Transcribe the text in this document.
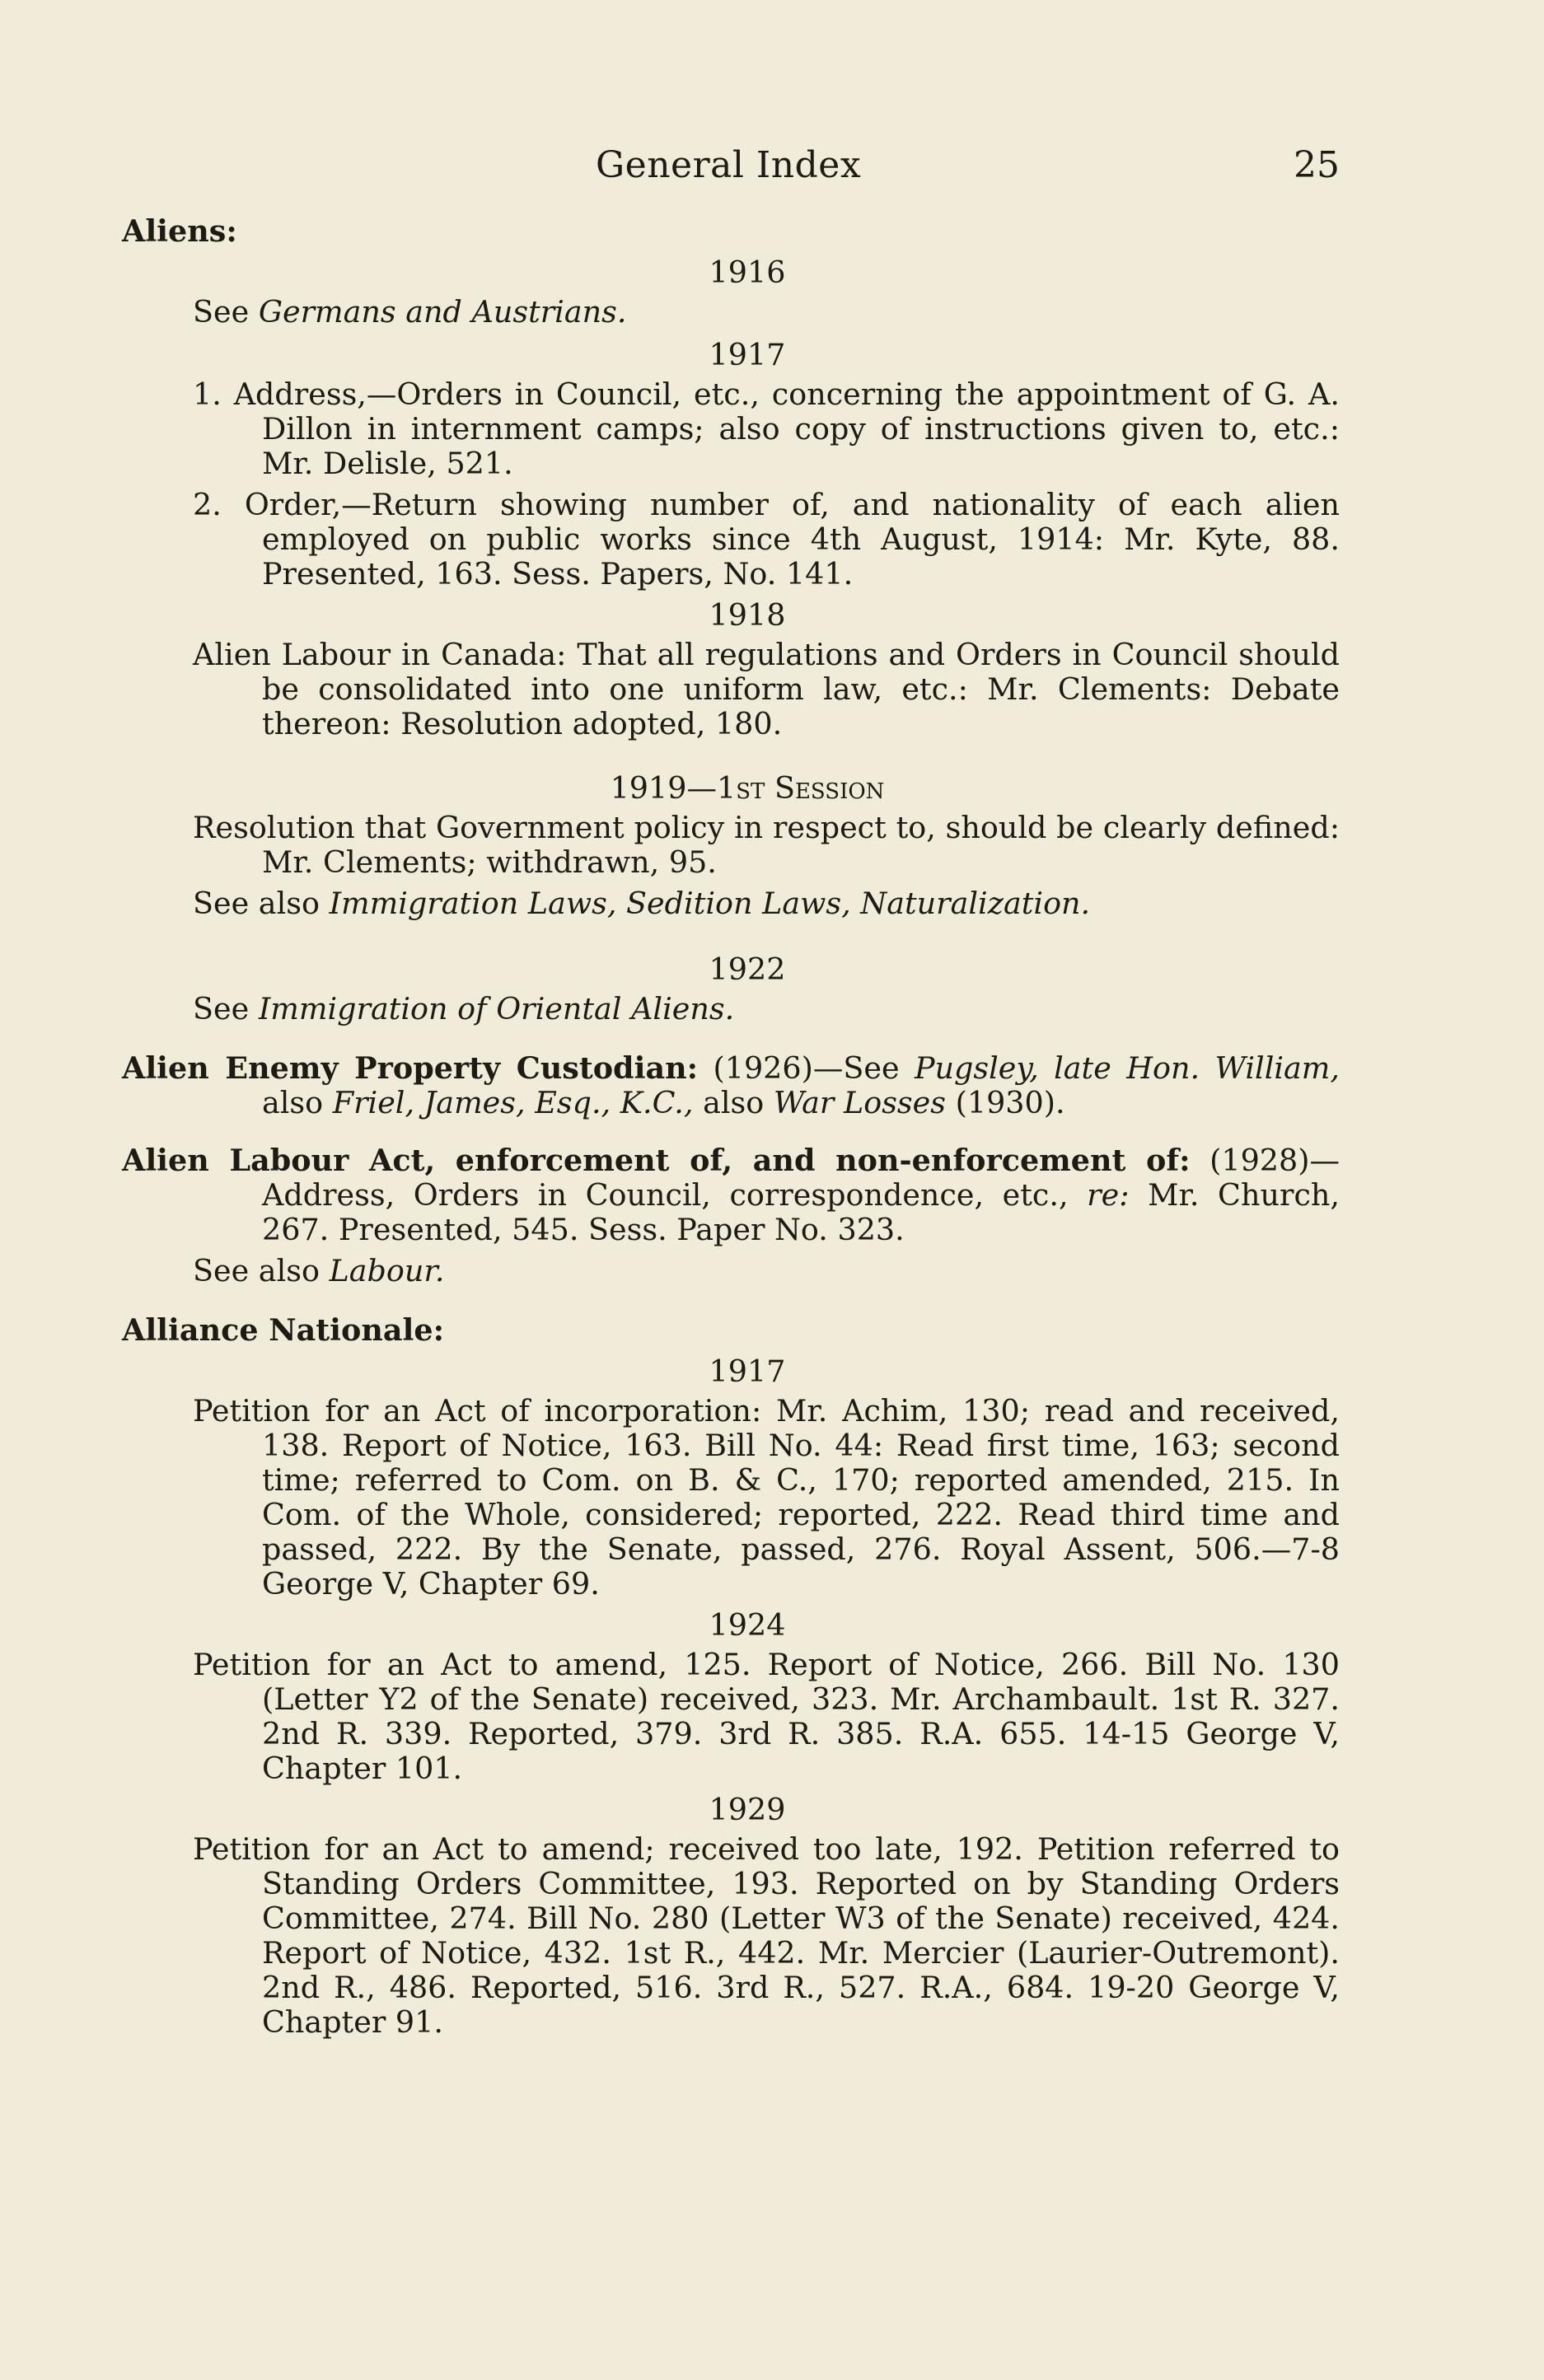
General Index	25
Aliens:
1916
See Germans and Austrians.
1917
1. Address,—Orders in Council, etc., concerning the appointment of G. A. Dillon in internment camps; also copy of instructions given to, etc.: Mr. Delisle, 521.
2. Order,—Return showing number of, and nationality of each alien employed on public works since 4th August, 1914: Mr. Kyte, 88. Presented, 163. Sess. Papers, No. 141.
1918
Alien Labour in Canada: That all regulations and Orders in Council should be consolidated into one uniform law, etc.: Mr. Clements: Debate thereon: Resolution adopted, 180.
1919—1st Session
Resolution that Government policy in respect to, should be clearly defined: Mr. Clements; withdrawn, 95.
See also Immigration Laws, Sedition Laws, Naturalization.
1922
See Immigration of Oriental Aliens.
Alien Enemy Property Custodian: (1926)—See Pugsley, late Hon. William, also Friel, James, Esq., K.C., also War Losses (1930).
Alien Labour Act, enforcement of, and non-enforcement of: (1928)—Address, Orders in Council, correspondence, etc., re: Mr. Church, 267. Presented, 545. Sess. Paper No. 323.
See also Labour.
Alliance Nationale:
1917
Petition for an Act of incorporation: Mr. Achim, 130; read and received, 138. Report of Notice, 163. Bill No. 44: Read first time, 163; second time; referred to Com. on B. & C., 170; reported amended, 215. In Com. of the Whole, considered; reported, 222. Read third time and passed, 222. By the Senate, passed, 276. Royal Assent, 506.—7-8 George V, Chapter 69.
1924
Petition for an Act to amend, 125. Report of Notice, 266. Bill No. 130 (Letter Y2 of the Senate) received, 323. Mr. Archambault. 1st R. 327. 2nd R. 339. Reported, 379. 3rd R. 385. R.A. 655. 14-15 George V, Chapter 101.
1929
Petition for an Act to amend; received too late, 192. Petition referred to Standing Orders Committee, 193. Reported on by Standing Orders Committee, 274. Bill No. 280 (Letter W3 of the Senate) received, 424. Report of Notice, 432. 1st R., 442. Mr. Mercier (Laurier-Outremont). 2nd R., 486. Reported, 516. 3rd R., 527. R.A., 684. 19-20 George V, Chapter 91.
